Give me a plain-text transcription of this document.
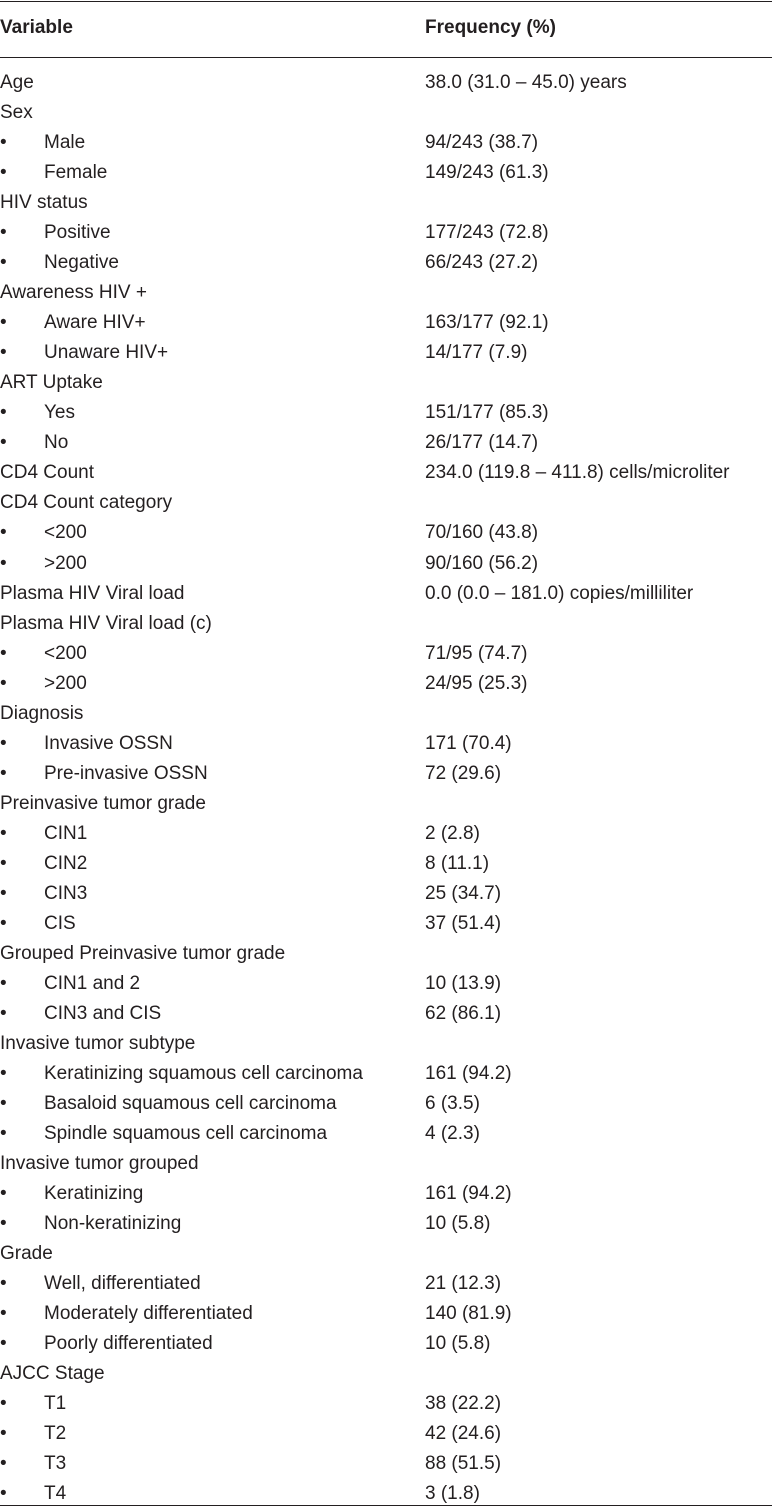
Variable	Frequency (%)
Age	38.0 (31.0 – 45.0) years
Sex
• Male	94/243 (38.7)
• Female	149/243 (61.3)
HIV status
• Positive	177/243 (72.8)
• Negative	66/243 (27.2)
Awareness HIV +
• Aware HIV+	163/177 (92.1)
• Unaware HIV+	14/177 (7.9)
ART Uptake
• Yes	151/177 (85.3)
• No	26/177 (14.7)
CD4 Count	234.0 (119.8 – 411.8) cells/microliter
CD4 Count category
• <200	70/160 (43.8)
• >200	90/160 (56.2)
Plasma HIV Viral load	0.0 (0.0 – 181.0) copies/milliliter
Plasma HIV Viral load (c)
• <200	71/95 (74.7)
• >200	24/95 (25.3)
Diagnosis
• Invasive OSSN	171 (70.4)
• Pre-invasive OSSN	72 (29.6)
Preinvasive tumor grade
• CIN1	2 (2.8)
• CIN2	8 (11.1)
• CIN3	25 (34.7)
• CIS	37 (51.4)
Grouped Preinvasive tumor grade
• CIN1 and 2	10 (13.9)
• CIN3 and CIS	62 (86.1)
Invasive tumor subtype
• Keratinizing squamous cell carcinoma	161 (94.2)
• Basaloid squamous cell carcinoma	6 (3.5)
• Spindle squamous cell carcinoma	4 (2.3)
Invasive tumor grouped
• Keratinizing	161 (94.2)
• Non-keratinizing	10 (5.8)
Grade
• Well, differentiated	21 (12.3)
• Moderately differentiated	140 (81.9)
• Poorly differentiated	10 (5.8)
AJCC Stage
• T1	38 (22.2)
• T2	42 (24.6)
• T3	88 (51.5)
• T4	3 (1.8)
